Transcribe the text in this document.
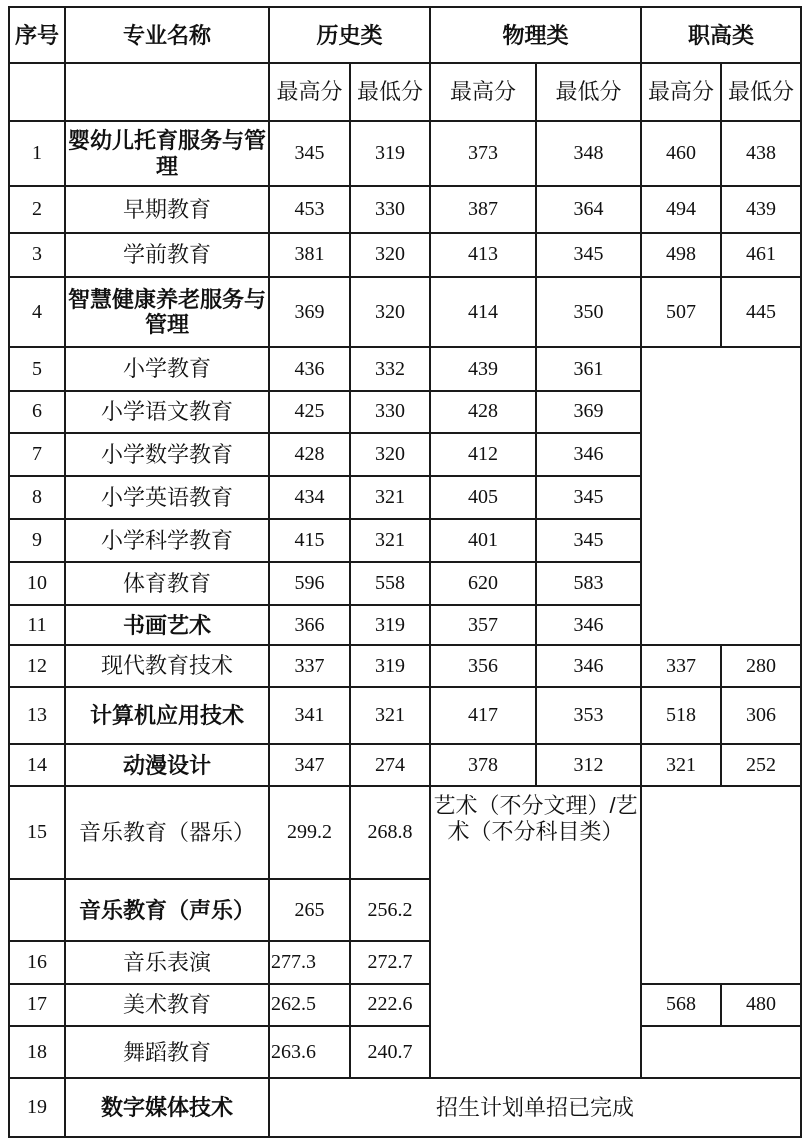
序号	专业名称	历史类		物理类		职高类	
		最高分	最低分	最高分	最低分	最高分	最低分
1	婴幼儿托育服务与管理	345	319	373	348	460	438
2	早期教育	453	330	387	364	494	439
3	学前教育	381	320	413	345	498	461
4	智慧健康养老服务与管理	369	320	414	350	507	445
5	小学教育	436	332	439	361		
6	小学语文教育	425	330	428	369		
7	小学数学教育	428	320	412	346		
8	小学英语教育	434	321	405	345		
9	小学科学教育	415	321	401	345		
10	体育教育	596	558	620	583		
11	书画艺术	366	319	357	346		
12	现代教育技术	337	319	356	346	337	280
13	计算机应用技术	341	321	417	353	518	306
14	动漫设计	347	274	378	312	321	252
15	音乐教育（器乐）	299.2	268.8	艺术（不分文理）/艺术（不分科目类）			
	音乐教育（声乐）	265	256.2				
16	音乐表演	277.3	272.7				
17	美术教育	262.5	222.6			568	480
18	舞蹈教育	263.6	240.7				
19	数字媒体技术	招生计划单招已完成					
